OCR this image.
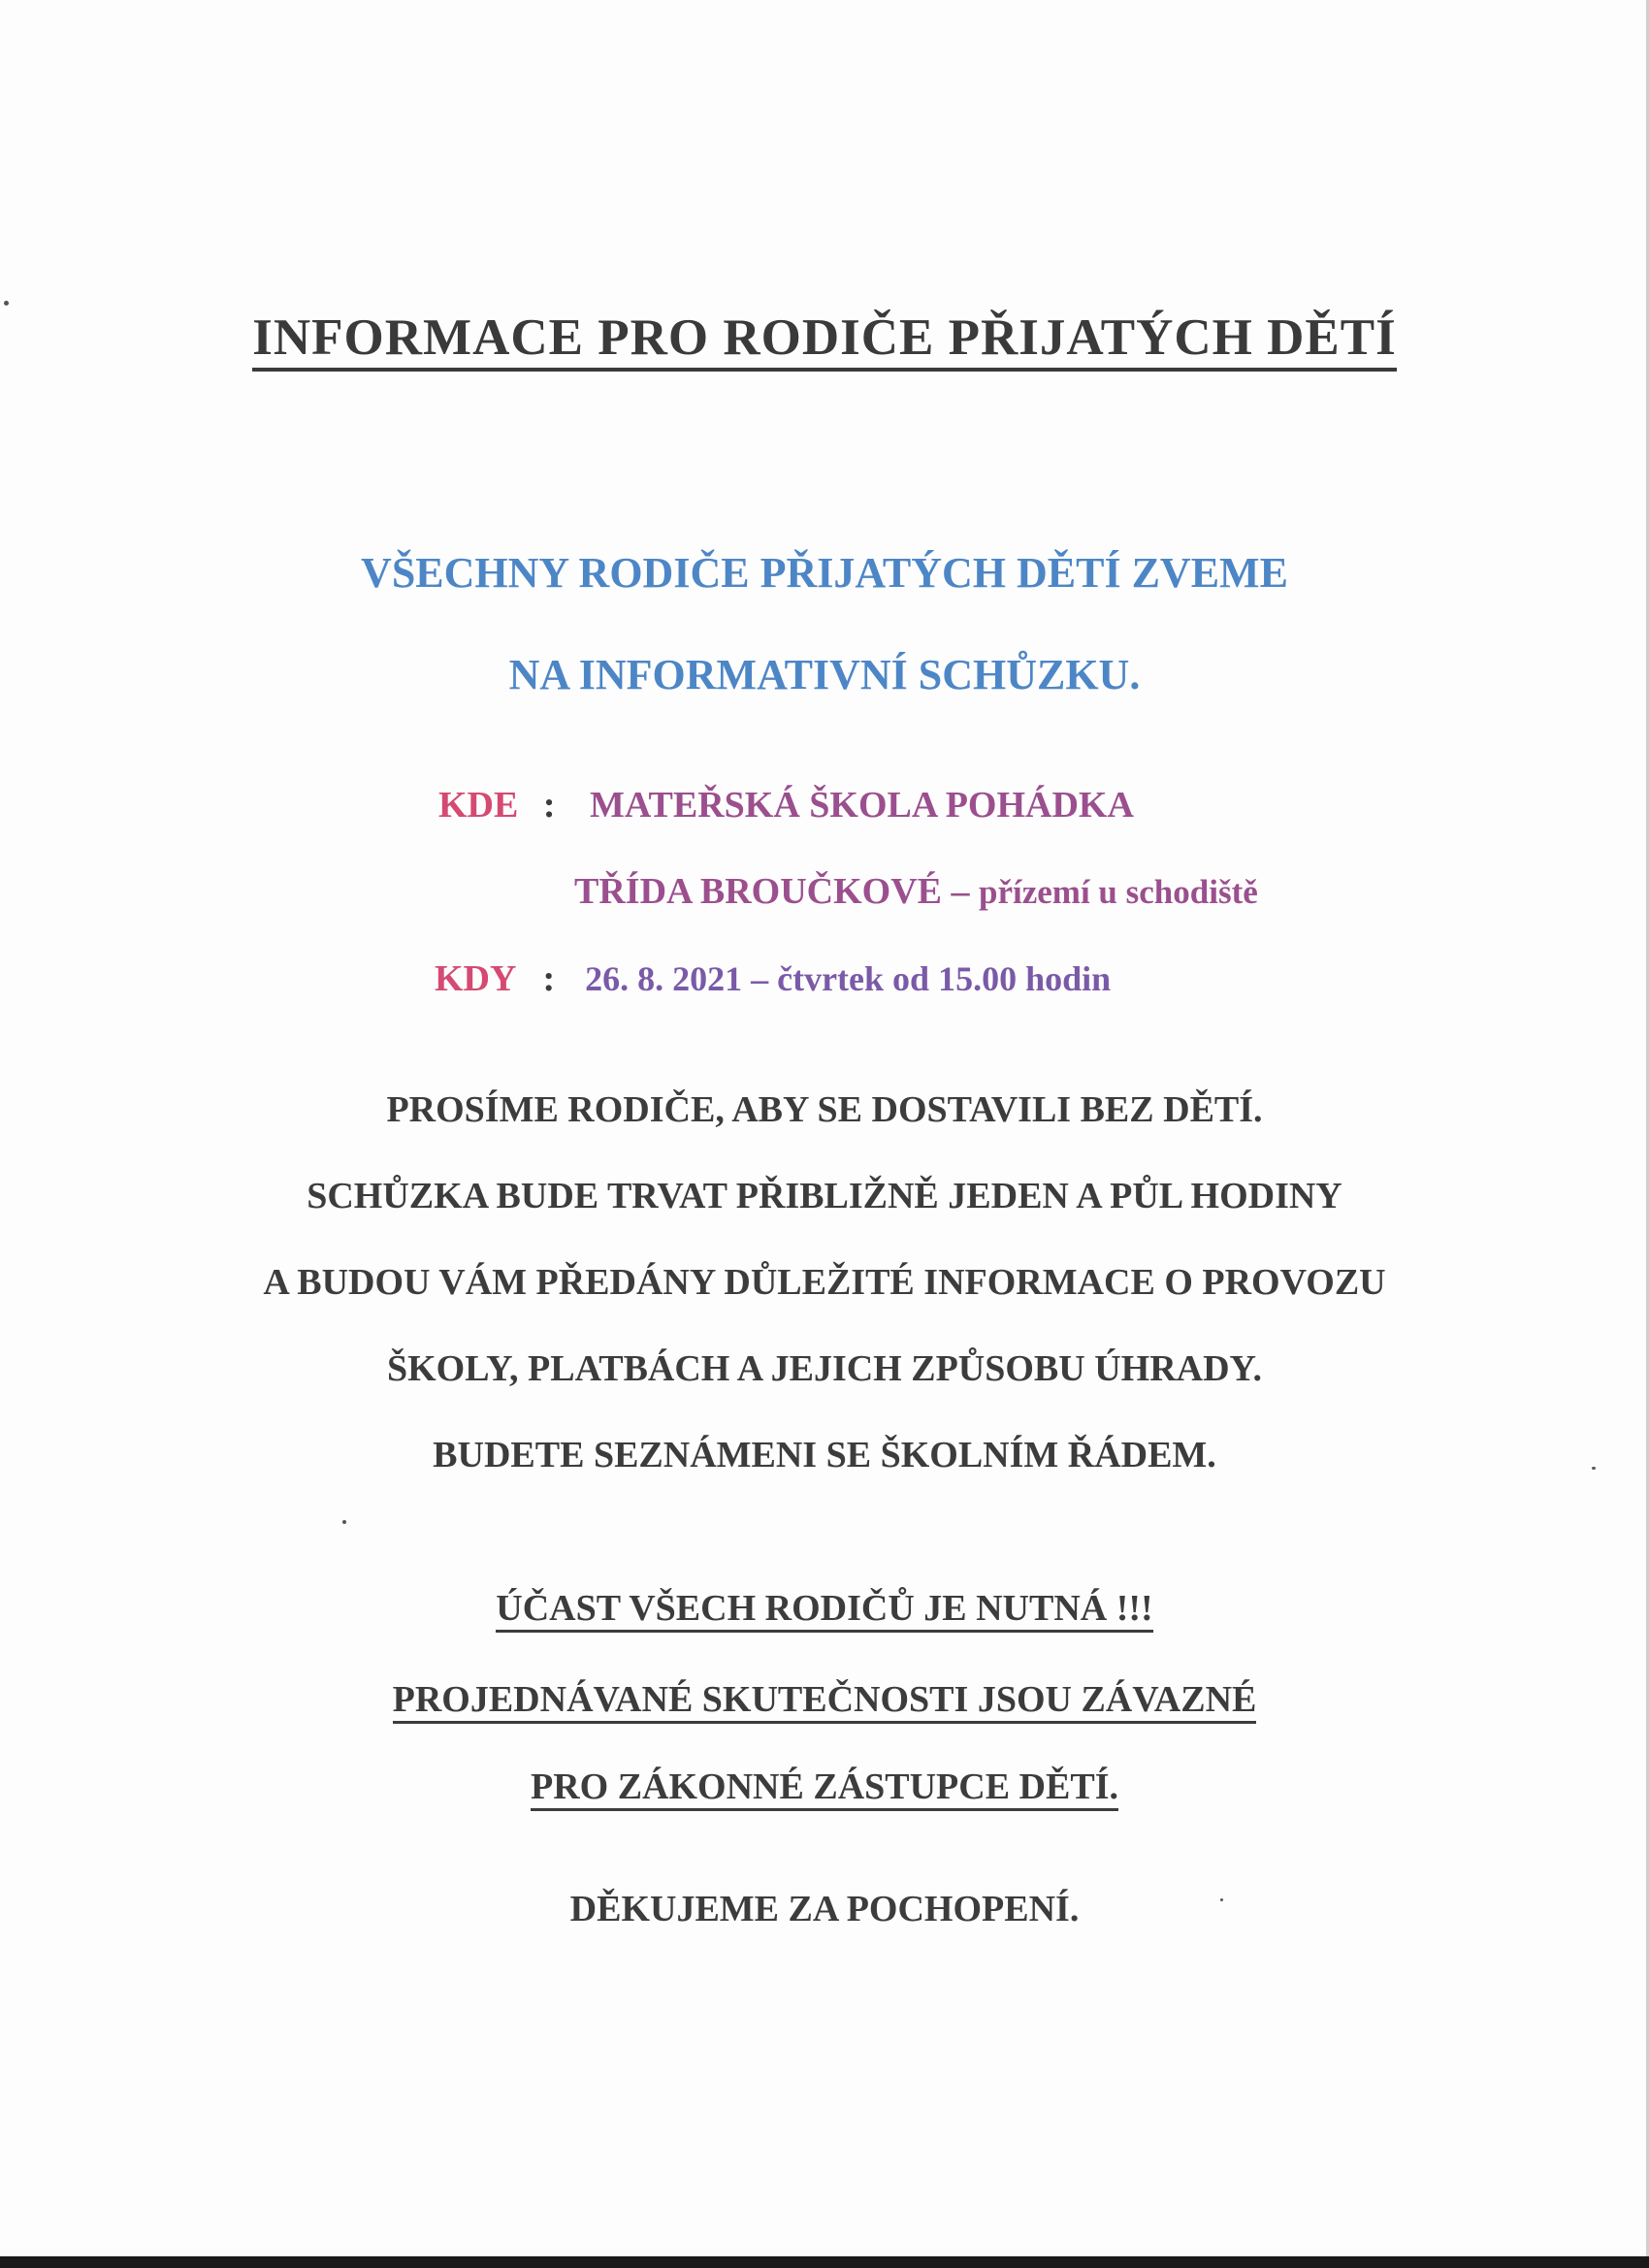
INFORMACE PRO RODIČE PŘIJATÝCH DĚTÍ
VŠECHNY RODIČE PŘIJATÝCH DĚTÍ ZVEME
NA INFORMATIVNÍ SCHŮZKU.
KDE : MATEŘSKÁ ŠKOLA POHÁDKA
TŘÍDA BROUČKOVÉ – přízemí u schodiště
KDY : 26. 8. 2021 – čtvrtek od 15.00 hodin
PROSÍME RODIČE, ABY SE DOSTAVILI BEZ DĚTÍ.
SCHŮZKA BUDE TRVAT PŘIBLIŽNĚ JEDEN A PŮL HODINY
A BUDOU VÁM PŘEDÁNY DŮLEŽITÉ INFORMACE O PROVOZU
ŠKOLY, PLATBÁCH A JEJICH ZPŮSOBU ÚHRADY.
BUDETE SEZNÁMENI SE ŠKOLNÍM ŘÁDEM.
ÚČAST VŠECH RODIČŮ JE NUTNÁ !!!
PROJEDNÁVANÉ SKUTEČNOSTI JSOU ZÁVAZNÉ
PRO ZÁKONNÉ ZÁSTUPCE DĚTÍ.
DĚKUJEME ZA POCHOPENÍ.
